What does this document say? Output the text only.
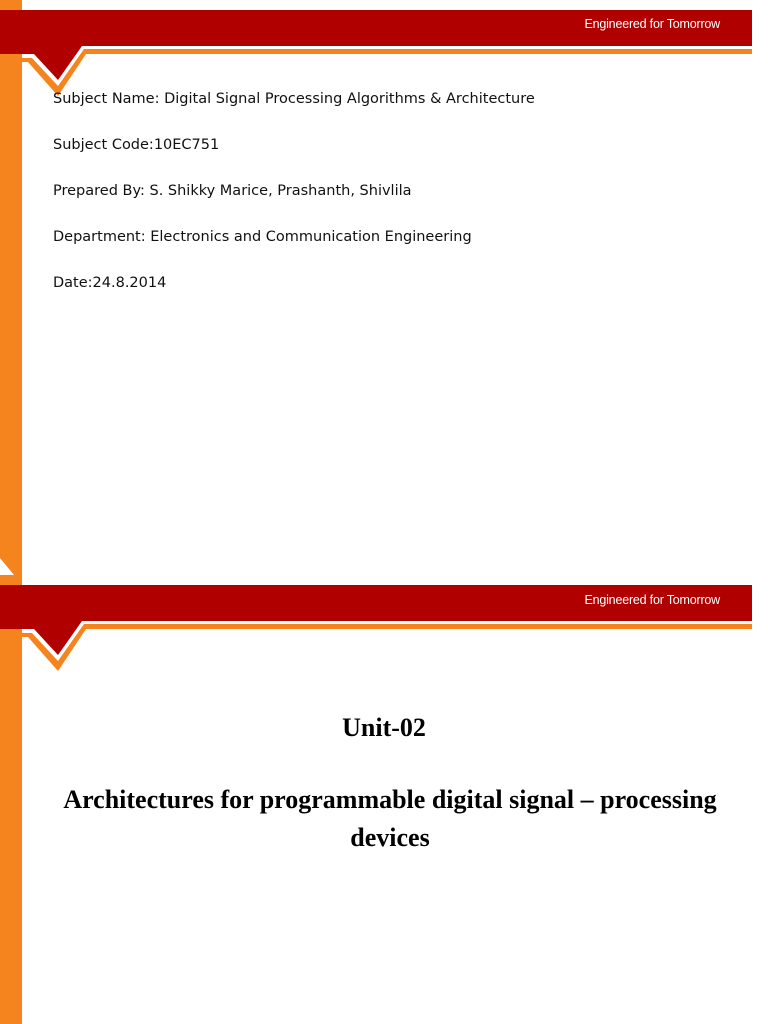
Engineered for Tomorrow
Subject Name: Digital Signal Processing Algorithms & Architecture
Subject Code:10EC751
Prepared By: S. Shikky Marice, Prashanth, Shivlila
Department: Electronics and Communication Engineering
Date:24.8.2014
Engineered for Tomorrow
Unit-02
Architectures for programmable digital signal – processing devices
